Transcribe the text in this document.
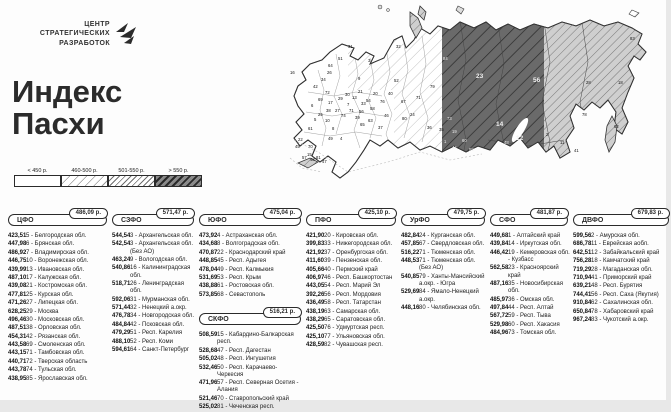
ЦЕНТР
СТРАТЕГИЧЕСКИХ
РАЗРАБОТОК
Индекс
Пасхи
< 450 р.	460-500 р.	501-550 р.	> 550 р.
16
31
51
64
26
34
42
3
32
52
9
72
69
6
17
29
30
13
21
7
38
25
27
74
71
5 10
61
22
45 70
15
57 48 81
47
49
8
4
33
20
54
58
56
39
63
65
37
46
76
40
67
80
24
71
79
84
73
35
36
19
1
44
60
59
48
2
28	18
62
41
78
11
83
23
14
12
56
ЦФО
486,09 р.
423,51 5 - Белгородская обл.
447,98 6 - Брянская обл.
486,92 7 - Владимирская обл.
446,75 10 - Воронежская обл.
439,99 13 - Ивановская обл.
487,10 17 - Калужская обл.
439,08 21 - Костромская обл.
477,81 25 - Курская обл.
471,26 27 - Липецкая обл.
628,25 29 - Москва
496,46 30 - Московская обл.
487,51 38 - Орловская обл.
454,31 42 - Рязанская обл.
443,58 69 - Смоленская обл.
443,15 71 - Тамбовская обл.
440,71 72 - Тверская область
443,78 74 - Тульская обл.
438,95 85 - Ярославская обл.
СЗФО
571,47 р.
544,54 3 - Архангельская обл.
542,54 3 - Архангельская обл. (Без АО)
463,24 9 - Вологодская обл.
540,86 16 - Калининградская обл.
518,71 26 - Ленинградская обл.
592,06 31 - Мурманская обл.
571,44 32 - Ненецкий а.окр.
476,78 34 - Новгородская обл.
484,84 42 - Псковская обл.
479,29 51 - Респ. Карелия
488,10 52 - Респ. Коми
594,61 64 - Санкт-Петербург
ЮФО
475,04 р.
473,92 4 - Астраханская обл.
434,68 8 - Волгоградская обл.
470,87 22 - Краснодарский край
448,85 45 - Респ. Адыгея
478,04 49 - Респ. Калмыкия
531,69 53 - Респ. Крым
438,88 61 - Ростовская обл.
573,85 68 - Севастополь
СКФО
516,21 р.
508,59 15 - Кабардино-Балкарская респ.
528,68 47 - Респ. Дагестан
505,02 48 - Респ. Ингушетия
532,46 50 - Респ. Карачаево-Черкесия
471,96 57 - Респ. Северная Осетия - Алания
521,46 70 - Ставропольский край
525,02 81 - Чеченская респ.
ПФО
425,10 р.
421,90 20 - Кировская обл.
399,83 33 - Нижегородская обл.
421,92 37 - Оренбургская обл.
411,60 39 - Пензенская обл.
405,66 40 - Пермский край
406,97 46 - Респ. Башкортостан
443,05 54 - Респ. Марий Эл
392,26 56 - Респ. Мордовия
436,49 58 - Респ. Татарстан
438,19 63 - Самарская обл.
438,29 65 - Саратовская обл.
425,50 76 - Удмуртская респ.
425,10 77 - Ульяновская обл.
428,59 82 - Чувашская респ.
УрФО
479,75 р.
482,84 24 - Курганская обл.
457,85 67 - Свердловская обл.
516,22 71 - Тюменская обл.
448,53 71 - Тюменская обл. (Без АО)
540,85 79 - Ханты-Мансийский а.окр. - Югра
529,69 84 - Ямало-Ненецкий а.окр.
448,16 80 - Челябинская обл.
СФО
481,87 р.
449,68 1 - Алтайский край
439,84 14 - Иркутская обл.
446,42 19 - Кемеровская обл. - Кузбасс
562,58 23 - Красноярский край
487,16 35 - Новосибирская обл.
485,97 36 - Омская обл.
497,84 44 - Респ. Алтай
567,72 59 - Респ. Тыва
529,98 60 - Респ. Хакасия
484,96 73 - Томская обл.
ДВФО
679,83 р.
599,56 2 - Амурская обл.
686,78 11 - Еврейская аобл.
642,51 12 - Забайкальский край
756,28 18 - Камчатский край
719,29 28 - Магаданская обл.
710,94 41 - Приморский край
639,21 48 - Респ. Бурятия
744,41 56 - Респ. Саха (Якутия)
910,84 62 - Сахалинская обл.
650,84 78 - Хабаровский край
967,24 83 - Чукотский а.окр.
